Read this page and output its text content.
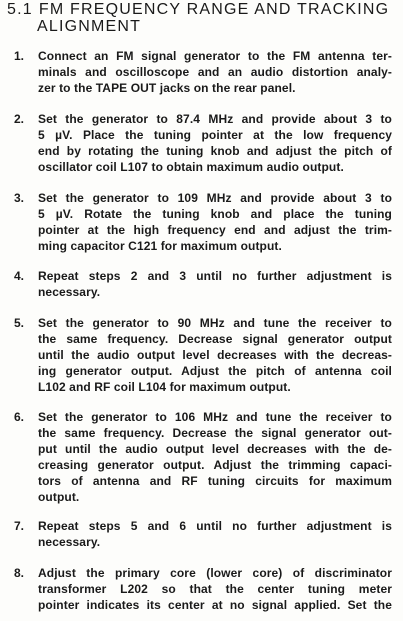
5.1 FM FREQUENCY RANGE AND TRACKING
ALIGNMENT
1. Connect an FM signal generator to the FM antenna ter-
minals and oscilloscope and an audio distortion analy-
zer to the TAPE OUT jacks on the rear panel.

2. Set the generator to 87.4 MHz and provide about 3 to
5 µV. Place the tuning pointer at the low frequency
end by rotating the tuning knob and adjust the pitch of
oscillator coil L107 to obtain maximum audio output.

3. Set the generator to 109 MHz and provide about 3 to
5 µV. Rotate the tuning knob and place the tuning
pointer at the high frequency end and adjust the trim-
ming capacitor C121 for maximum output.

4. Repeat steps 2 and 3 until no further adjustment is
necessary.

5. Set the generator to 90 MHz and tune the receiver to
the same frequency. Decrease signal generator output
until the audio output level decreases with the decreas-
ing generator output. Adjust the pitch of antenna coil
L102 and RF coil L104 for maximum output.

6. Set the generator to 106 MHz and tune the receiver to
the same frequency. Decrease the signal generator out-
put until the audio output level decreases with the de-
creasing generator output. Adjust the trimming capaci-
tors of antenna and RF tuning circuits for maximum
output.

7. Repeat steps 5 and 6 until no further adjustment is
necessary.

8. Adjust the primary core (lower core) of discriminator
transformer L202 so that the center tuning meter
pointer indicates its center at no signal applied. Set the
